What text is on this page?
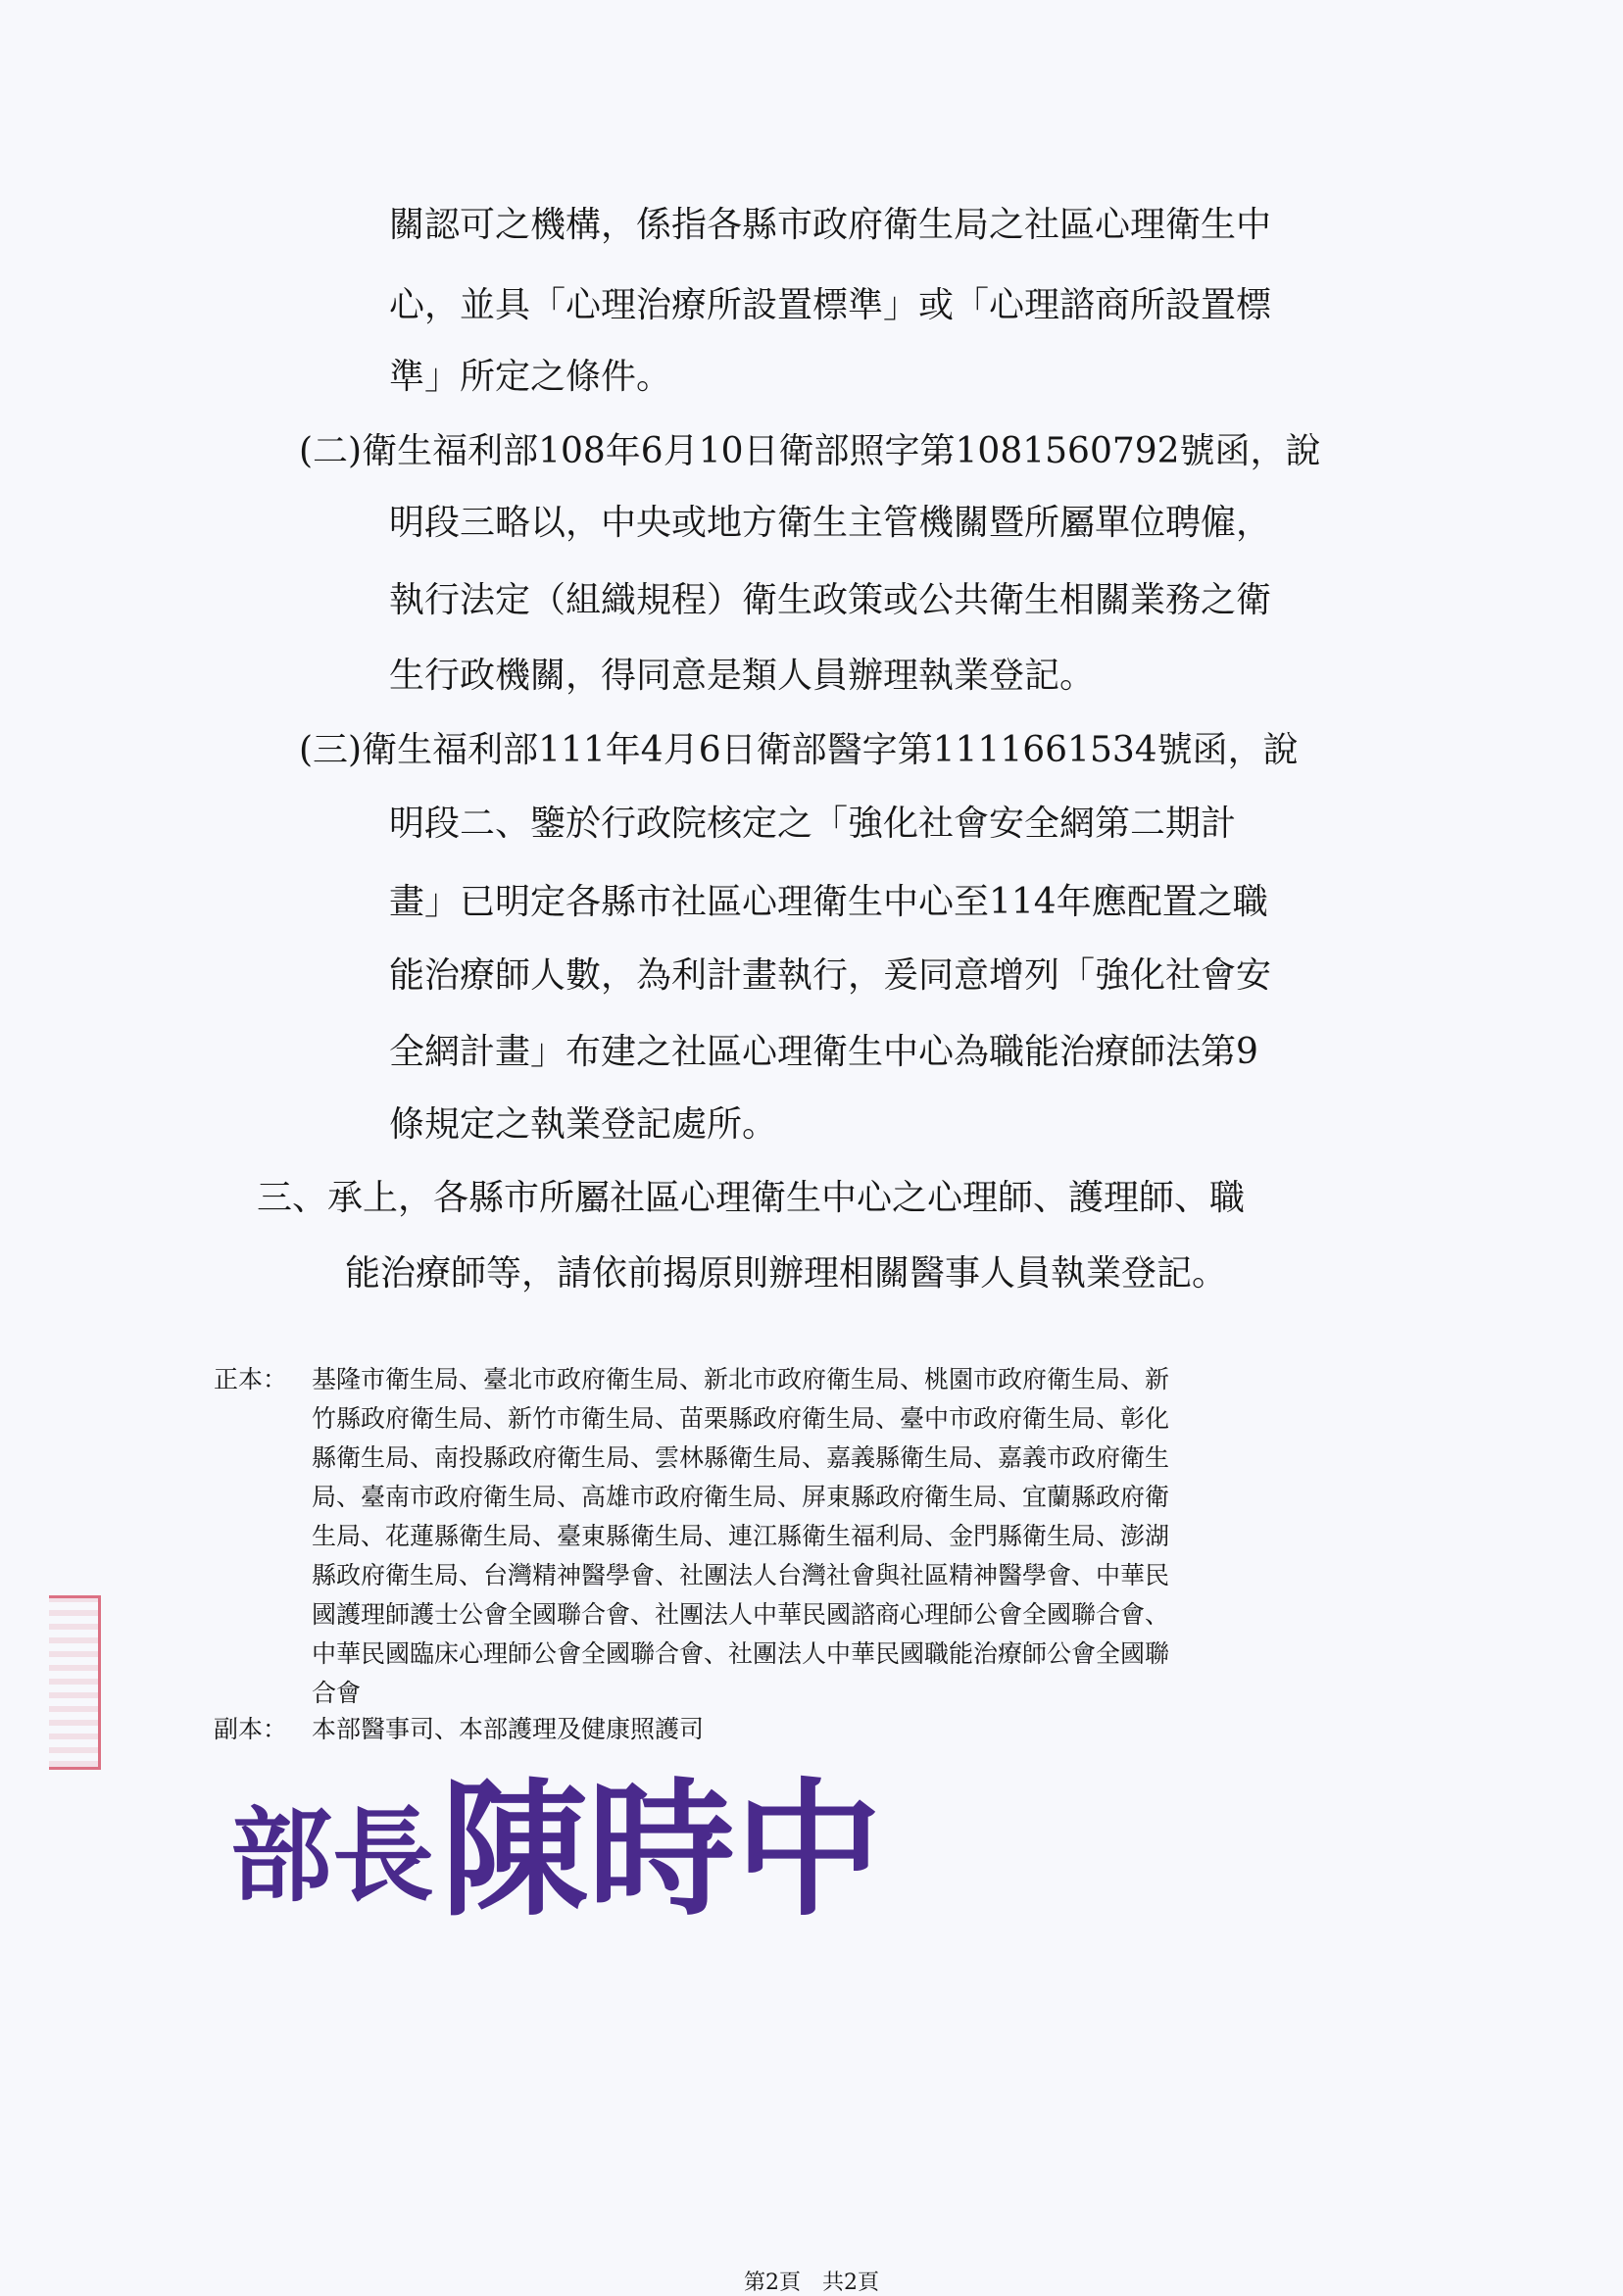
關認可之機構，係指各縣市政府衛生局之社區心理衛生中
心，並具「心理治療所設置標準」或「心理諮商所設置標
準」所定之條件。
(二)衛生福利部108年6月10日衛部照字第1081560792號函，說
明段三略以，中央或地方衛生主管機關暨所屬單位聘僱，
執行法定（組織規程）衛生政策或公共衛生相關業務之衛
生行政機關，得同意是類人員辦理執業登記。
(三)衛生福利部111年4月6日衛部醫字第1111661534號函，說
明段二、鑒於行政院核定之「強化社會安全網第二期計
畫」已明定各縣市社區心理衛生中心至114年應配置之職
能治療師人數，為利計畫執行，爰同意增列「強化社會安
全網計畫」布建之社區心理衛生中心為職能治療師法第9
條規定之執業登記處所。
三、承上，各縣市所屬社區心理衛生中心之心理師、護理師、職
能治療師等，請依前揭原則辦理相關醫事人員執業登記。
正本： 基隆市衛生局、臺北市政府衛生局、新北市政府衛生局、桃園市政府衛生局、新
竹縣政府衛生局、新竹市衛生局、苗栗縣政府衛生局、臺中市政府衛生局、彰化
縣衛生局、南投縣政府衛生局、雲林縣衛生局、嘉義縣衛生局、嘉義市政府衛生
局、臺南市政府衛生局、高雄市政府衛生局、屏東縣政府衛生局、宜蘭縣政府衛
生局、花蓮縣衛生局、臺東縣衛生局、連江縣衛生福利局、金門縣衛生局、澎湖
縣政府衛生局、台灣精神醫學會、社團法人台灣社會與社區精神醫學會、中華民
國護理師護士公會全國聯合會、社團法人中華民國諮商心理師公會全國聯合會、
中華民國臨床心理師公會全國聯合會、社團法人中華民國職能治療師公會全國聯
合會
副本： 本部醫事司、本部護理及健康照護司
部長 陳時中
第2頁　共2頁
